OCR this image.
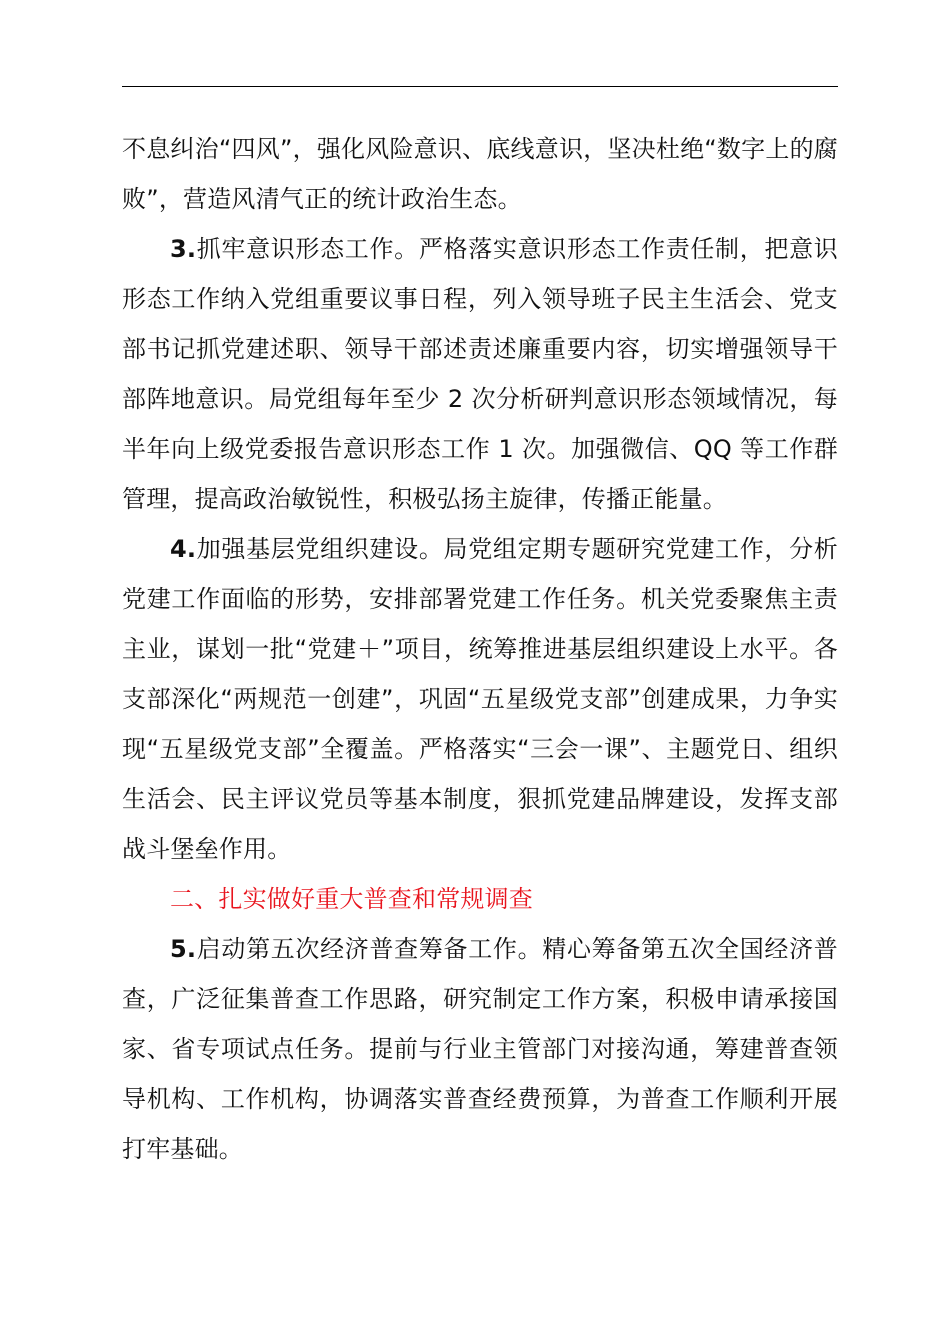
不息纠治“四风”，强化风险意识、底线意识，坚决杜绝“数字上的腐败”，营造风清气正的统计政治生态。

3.抓牢意识形态工作。严格落实意识形态工作责任制，把意识形态工作纳入党组重要议事日程，列入领导班子民主生活会、党支部书记抓党建述职、领导干部述责述廉重要内容，切实增强领导干部阵地意识。局党组每年至少 2 次分析研判意识形态领域情况，每半年向上级党委报告意识形态工作 1 次。加强微信、QQ 等工作群管理，提高政治敏锐性，积极弘扬主旋律，传播正能量。

4.加强基层党组织建设。局党组定期专题研究党建工作，分析党建工作面临的形势，安排部署党建工作任务。机关党委聚焦主责主业，谋划一批“党建＋”项目，统筹推进基层组织建设上水平。各支部深化“两规范一创建”，巩固“五星级党支部”创建成果，力争实现“五星级党支部”全覆盖。严格落实“三会一课”、主题党日、组织生活会、民主评议党员等基本制度，狠抓党建品牌建设，发挥支部战斗堡垒作用。

二、扎实做好重大普查和常规调查

5.启动第五次经济普查筹备工作。精心筹备第五次全国经济普查，广泛征集普查工作思路，研究制定工作方案，积极申请承接国家、省专项试点任务。提前与行业主管部门对接沟通，筹建普查领导机构、工作机构，协调落实普查经费预算，为普查工作顺利开展打牢基础。
